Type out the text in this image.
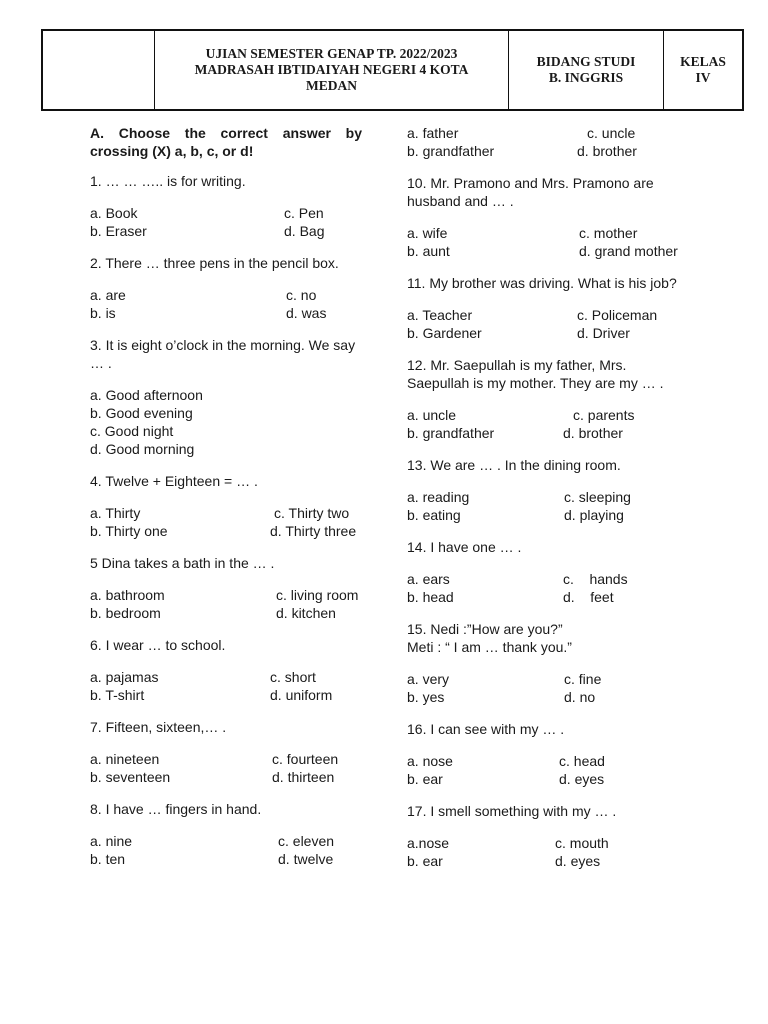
UJIAN SEMESTER GENAP TP. 2022/2023
MADRASAH IBTIDAIYAH NEGERI 4 KOTA
MEDAN
BIDANG STUDI
B. INGGRIS
KELAS
IV
A. Choose the correct answer by crossing (X) a, b, c, or d!
1. … … ….. is for writing.
a. Book	c. Pen
b. Eraser	d. Bag
2. There … three pens in the pencil box.
a. are	c. no
b. is	d. was
3. It is eight o’clock in the morning. We say … .
a. Good afternoon
b. Good evening
c. Good night
d. Good morning
4. Twelve + Eighteen = … .
a. Thirty	c. Thirty two
b. Thirty one	d. Thirty three
5 Dina takes a bath in the … .
a. bathroom	c. living room
b. bedroom	d. kitchen
6. I wear … to school.
a. pajamas	c. short
b. T-shirt	d. uniform
7. Fifteen, sixteen,… .
a. nineteen	c. fourteen
b. seventeen	d. thirteen
8. I have … fingers in hand.
a. nine	c. eleven
b. ten	d. twelve
a. father	c. uncle
b. grandfather	d. brother
10. Mr. Pramono and Mrs. Pramono are husband and … .
a. wife	c. mother
b. aunt	d. grand mother
11. My brother was driving. What is his job?
a. Teacher	c. Policeman
b. Gardener	d. Driver
12. Mr. Saepullah is my father, Mrs. Saepullah is my mother. They are my … .
a. uncle	c. parents
b. grandfather	d. brother
13. We are … . In the dining room.
a. reading	c. sleeping
b. eating	d. playing
14. I have one … .
a. ears	c.    hands
b. head	d.    feet
15. Nedi :”How are you?”
Meti : “ I am … thank you.”
a. very	c. fine
b. yes	d. no
16. I can see with my … .
a. nose	c. head
b. ear	d. eyes
17. I smell something with my … .
a.nose	c. mouth
b. ear	d. eyes
